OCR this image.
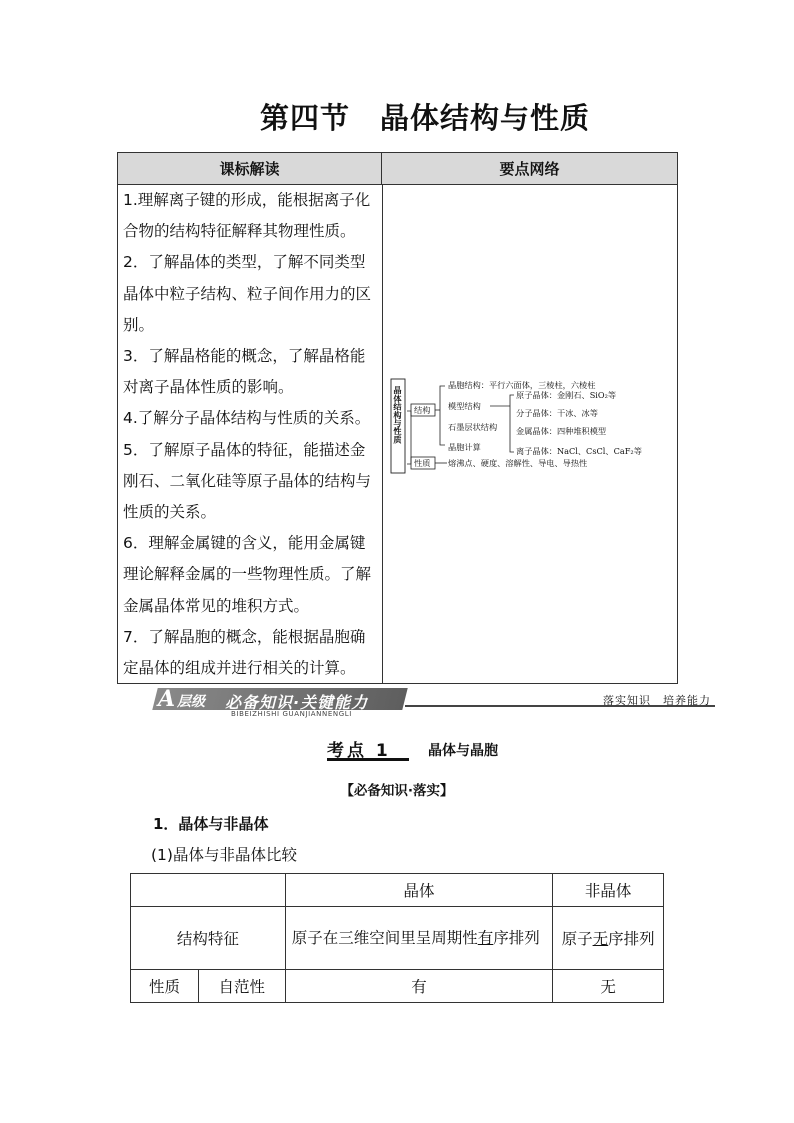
第四节　晶体结构与性质
课标解读	要点网络

1.理解离子键的形成，能根据离子化合物的结构特征解释其物理性质。

2．了解晶体的类型，了解不同类型晶体中粒子结构、粒子间作用力的区别。

3．了解晶格能的概念，了解晶格能对离子晶体性质的影响。

4.了解分子晶体结构与性质的关系。

5．了解原子晶体的特征，能描述金刚石、二氧化硅等原子晶体的结构与性质的关系。

6．理解金属键的含义，能用金属键理论解释金属的一些物理性质。了解金属晶体常见的堆积方式。

7．了解晶胞的概念，能根据晶胞确定晶体的组成并进行相关的计算。

晶体结构与性质 结构
性质
晶胞结构：平行六面体，三棱柱，六棱柱
模型结构
石墨层状结构
晶胞计算
原子晶体：金刚石、SiO₂等
分子晶体：干冰、冰等
金属晶体：四种堆积模型
离子晶体：NaCl、CsCl、CaF₂等
熔沸点、硬度、溶解性、导电、导热性
A 层级 必备知识·关键能力
BIBEIZHISHI GUANJIANNENGLI
落实知识　培养能力
考点 1	晶体与晶胞
【必备知识·落实】
1．晶体与非晶体
(1)晶体与非晶体比较
		晶体	非晶体
结构特征		原子在三维空间里呈周期性有序排列	原子无序排列
性质	自范性	有	无
